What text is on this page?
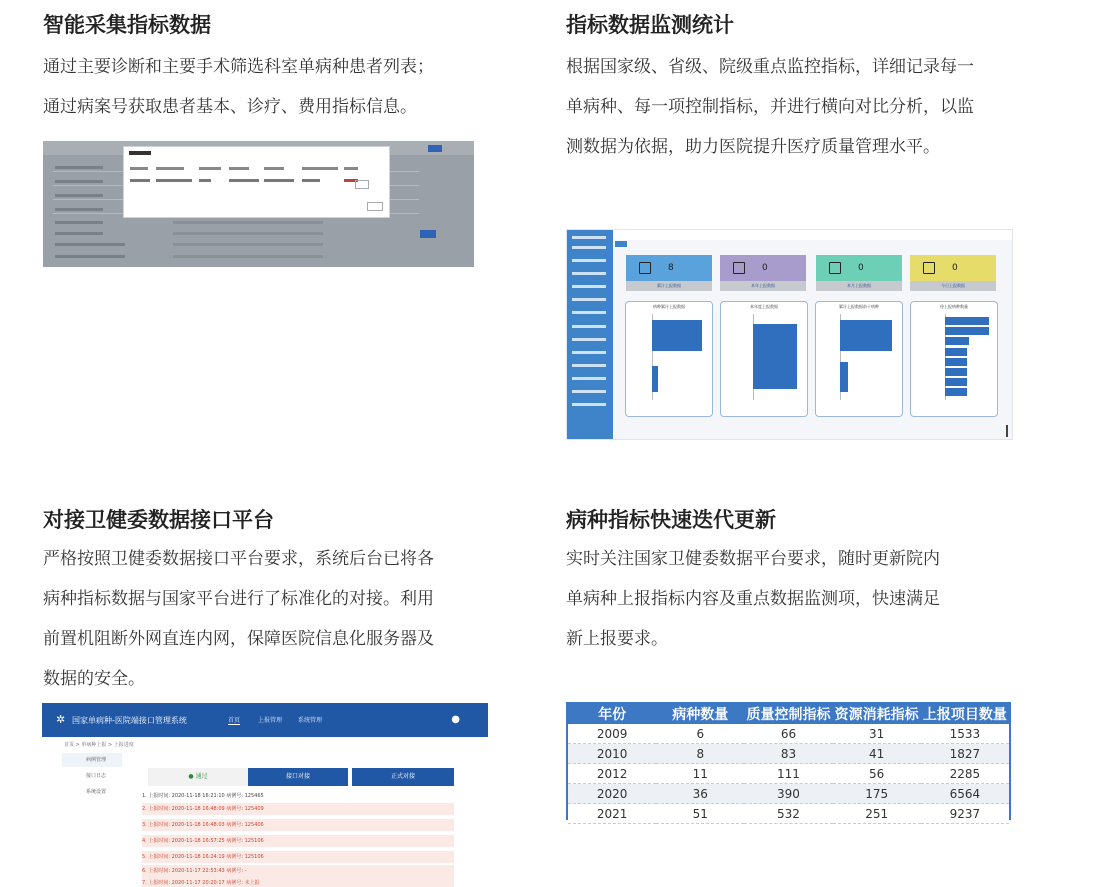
智能采集指标数据

通过主要诊断和主要手术筛选科室单病种患者列表；
通过病案号获取患者基本、诊疗、费用指标信息。

指标数据监测统计

根据国家级、省级、院级重点监控指标，详细记录每一
单病种、每一项控制指标，并进行横向对比分析，以监
测数据为依据，助力医院提升医疗质量管理水平。

对接卫健委数据接口平台

严格按照卫健委数据接口平台要求，系统后台已将各
病种指标数据与国家平台进行了标准化的对接。利用
前置机阻断外网直连内网，保障医院信息化服务器及
数据的安全。

病种指标快速迭代更新

实时关注国家卫健委数据平台要求，随时更新院内
单病种上报指标内容及重点数据监测项，快速满足
新上报要求。

8
累计上报数据
0
本年上报数据
0
本月上报数据
0
今日上报数据
病种累计上报数据	本年度上报数据	累计上报数据前十病种	待上报病种数量
✲ 国家单病种-医院端接口管理系统	首页	上报管理	系统管理	●
首页 > 单病种上报 > 上报进度
病例管理
接口日志
系统设置
● 通过	接口对接	正式对接
1. 上报时间: 2020-11-18 16:21:10 病例号: 125465
2. 上报时间: 2020-11-18 16:48:09 病例号: 125409
3. 上报时间: 2020-11-18 16:48:03 病例号: 125406
4. 上报时间: 2020-11-18 16:57:25 病例号: 125106
5. 上报时间: 2020-11-18 16:24:19 病例号: 125106
6. 上报时间: 2020-11-17 22:53:43 病例号: -
7. 上报时间: 2020-11-17 20:20:17 病例号: 未上报
年份	病种数量	质量控制指标	资源消耗指标	上报项目数量
2009	6	66	31	1533
2010	8	83	41	1827
2012	11	111	56	2285
2020	36	390	175	6564
2021	51	532	251	9237
